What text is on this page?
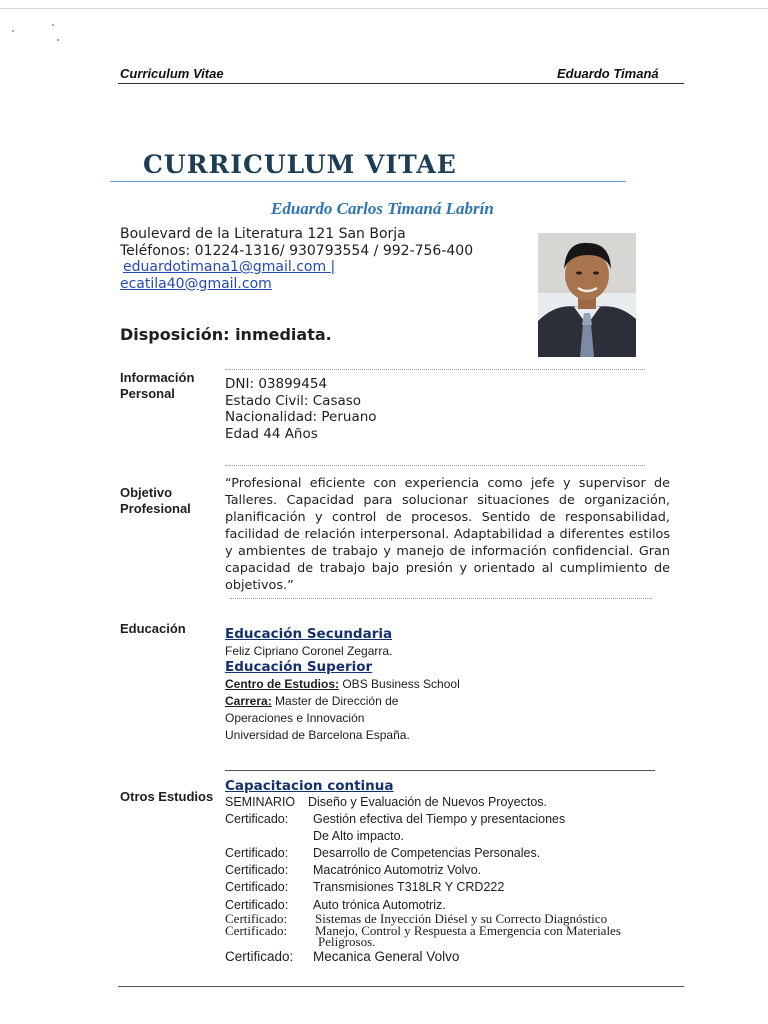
Curriculum Vitae	Eduardo Timaná
CURRICULUM VITAE
Eduardo Carlos Timaná Labrín
Boulevard de la Literatura 121 San Borja
Teléfonos: 01224-1316/ 930793554 / 992-756-400
eduardotimana1@gmail.com |
ecatila40@gmail.com
Disposición: inmediata.
Información
Personal
DNI: 03899454
Estado Civil: Casaso
Nacionalidad: Peruano
Edad 44 Años
Objetivo
Profesional
“Profesional eficiente con experiencia como jefe y supervisor de Talleres. Capacidad para solucionar situaciones de organización, planificación y control de procesos. Sentido de responsabilidad, facilidad de relación interpersonal. Adaptabilidad a diferentes estilos y ambientes de trabajo y manejo de información confidencial. Gran capacidad de trabajo bajo presión y orientado al cumplimiento de objetivos.”
Educación	Educación Secundaria
Feliz Cipriano Coronel Zegarra.
Educación Superior
Centro de Estudios: OBS Business School
Carrera: Master de Dirección de
Operaciones e Innovación
Universidad de Barcelona España.
Otros Estudios
Capacitacion continua
SEMINARIO Diseño y Evaluación de Nuevos Proyectos.
Certificado: Gestión efectiva del Tiempo y presentaciones
De Alto impacto.
Certificado: Desarrollo de Competencias Personales.
Certificado: Macatrónico Automotriz Volvo.
Certificado: Transmisiones T318LR Y CRD222
Certificado: Auto trónica Automotriz.
Certificado: Sistemas de Inyección Diésel y su Correcto Diagnóstico
Certificado: Manejo, Control y Respuesta a Emergencia con Materiales
Peligrosos.
Certificado: Mecanica General Volvo
